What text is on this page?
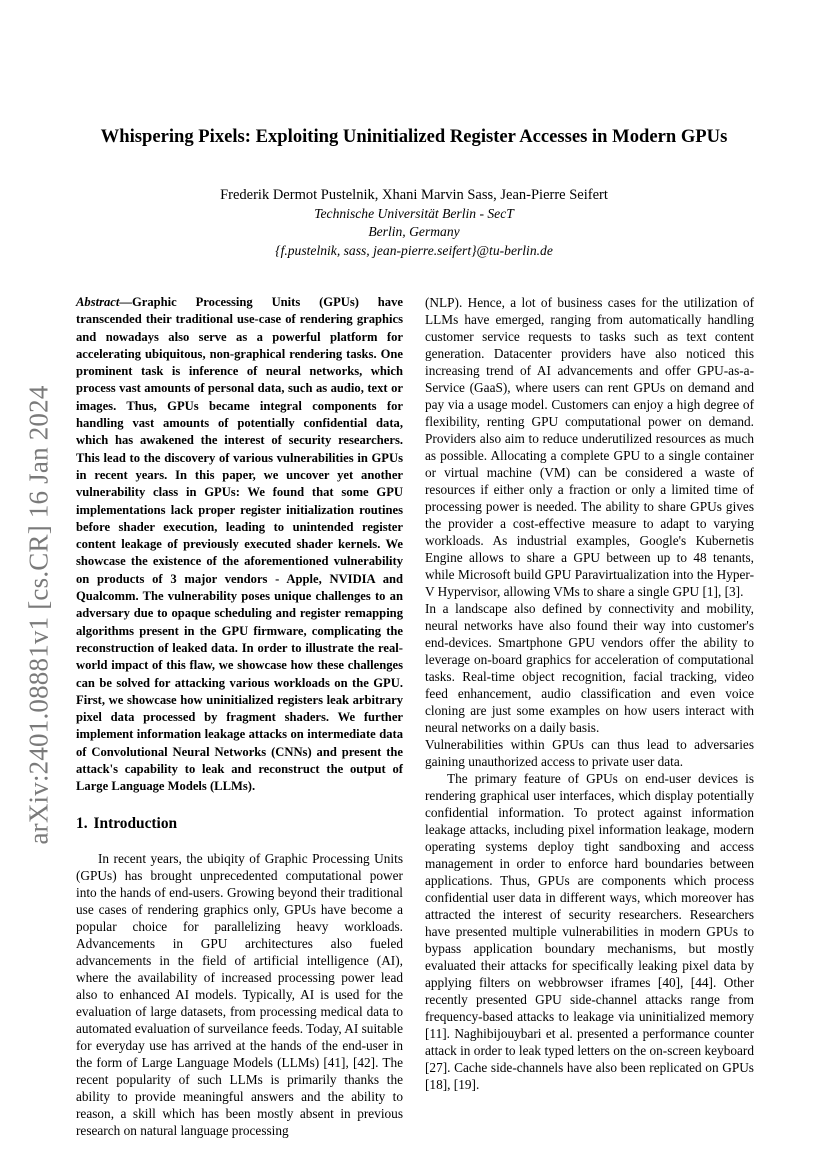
arXiv:2401.08881v1 [cs.CR] 16 Jan 2024
Whispering Pixels: Exploiting Uninitialized Register Accesses in Modern GPUs
Frederik Dermot Pustelnik, Xhani Marvin Sass, Jean-Pierre Seifert
Technische Universität Berlin - SecT
Berlin, Germany
{f.pustelnik, sass, jean-pierre.seifert}@tu-berlin.de

Abstract—Graphic Processing Units (GPUs) have transcended their traditional use-case of rendering graphics and nowadays also serve as a powerful platform for accelerating ubiquitous, non-graphical rendering tasks. One prominent task is inference of neural networks, which process vast amounts of personal data, such as audio, text or images. Thus, GPUs became integral components for handling vast amounts of potentially confidential data, which has awakened the interest of security researchers. This lead to the discovery of various vulnerabilities in GPUs in recent years. In this paper, we uncover yet another vulnerability class in GPUs: We found that some GPU implementations lack proper register initialization routines before shader execution, leading to unintended register content leakage of previously executed shader kernels. We showcase the existence of the aforementioned vulnerability on products of 3 major vendors - Apple, NVIDIA and Qualcomm. The vulnerability poses unique challenges to an adversary due to opaque scheduling and register remapping algorithms present in the GPU firmware, complicating the reconstruction of leaked data. In order to illustrate the real-world impact of this flaw, we showcase how these challenges can be solved for attacking various workloads on the GPU. First, we showcase how uninitialized registers leak arbitrary pixel data processed by fragment shaders. We further implement information leakage attacks on intermediate data of Convolutional Neural Networks (CNNs) and present the attack's capability to leak and reconstruct the output of Large Language Models (LLMs).

1. Introduction

In recent years, the ubiqity of Graphic Processing Units (GPUs) has brought unprecedented computational power into the hands of end-users. Growing beyond their traditional use cases of rendering graphics only, GPUs have become a popular choice for parallelizing heavy workloads. Advancements in GPU architectures also fueled advancements in the field of artificial intelligence (AI), where the availability of increased processing power lead also to enhanced AI models. Typically, AI is used for the evaluation of large datasets, from processing medical data to automated evaluation of surveilance feeds. Today, AI suitable for everyday use has arrived at the hands of the end-user in the form of Large Language Models (LLMs) [41], [42]. The recent popularity of such LLMs is primarily thanks the ability to provide meaningful answers and the ability to reason, a skill which has been mostly absent in previous research on natural language processing

(NLP). Hence, a lot of business cases for the utilization of LLMs have emerged, ranging from automatically handling customer service requests to tasks such as text content generation. Datacenter providers have also noticed this increasing trend of AI advancements and offer GPU-as-a-Service (GaaS), where users can rent GPUs on demand and pay via a usage model. Customers can enjoy a high degree of flexibility, renting GPU computational power on demand. Providers also aim to reduce underutilized resources as much as possible. Allocating a complete GPU to a single container or virtual machine (VM) can be considered a waste of resources if either only a fraction or only a limited time of processing power is needed. The ability to share GPUs gives the provider a cost-effective measure to adapt to varying workloads. As industrial examples, Google's Kubernetis Engine allows to share a GPU between up to 48 tenants, while Microsoft build GPU Paravirtualization into the Hyper-V Hypervisor, allowing VMs to share a single GPU [1], [3].

In a landscape also defined by connectivity and mobility, neural networks have also found their way into customer's end-devices. Smartphone GPU vendors offer the ability to leverage on-board graphics for acceleration of computational tasks. Real-time object recognition, facial tracking, video feed enhancement, audio classification and even voice cloning are just some examples on how users interact with neural networks on a daily basis.

Vulnerabilities within GPUs can thus lead to adversaries gaining unauthorized access to private user data.

The primary feature of GPUs on end-user devices is rendering graphical user interfaces, which display potentially confidential information. To protect against information leakage attacks, including pixel information leakage, modern operating systems deploy tight sandboxing and access management in order to enforce hard boundaries between applications. Thus, GPUs are components which process confidential user data in different ways, which moreover has attracted the interest of security researchers. Researchers have presented multiple vulnerabilities in modern GPUs to bypass application boundary mechanisms, but mostly evaluated their attacks for specifically leaking pixel data by applying filters on webbrowser iframes [40], [44]. Other recently presented GPU side-channel attacks range from frequency-based attacks to leakage via uninitialized memory [11]. Naghibijouybari et al. presented a performance counter attack in order to leak typed letters on the on-screen keyboard [27]. Cache side-channels have also been replicated on GPUs [18], [19].
